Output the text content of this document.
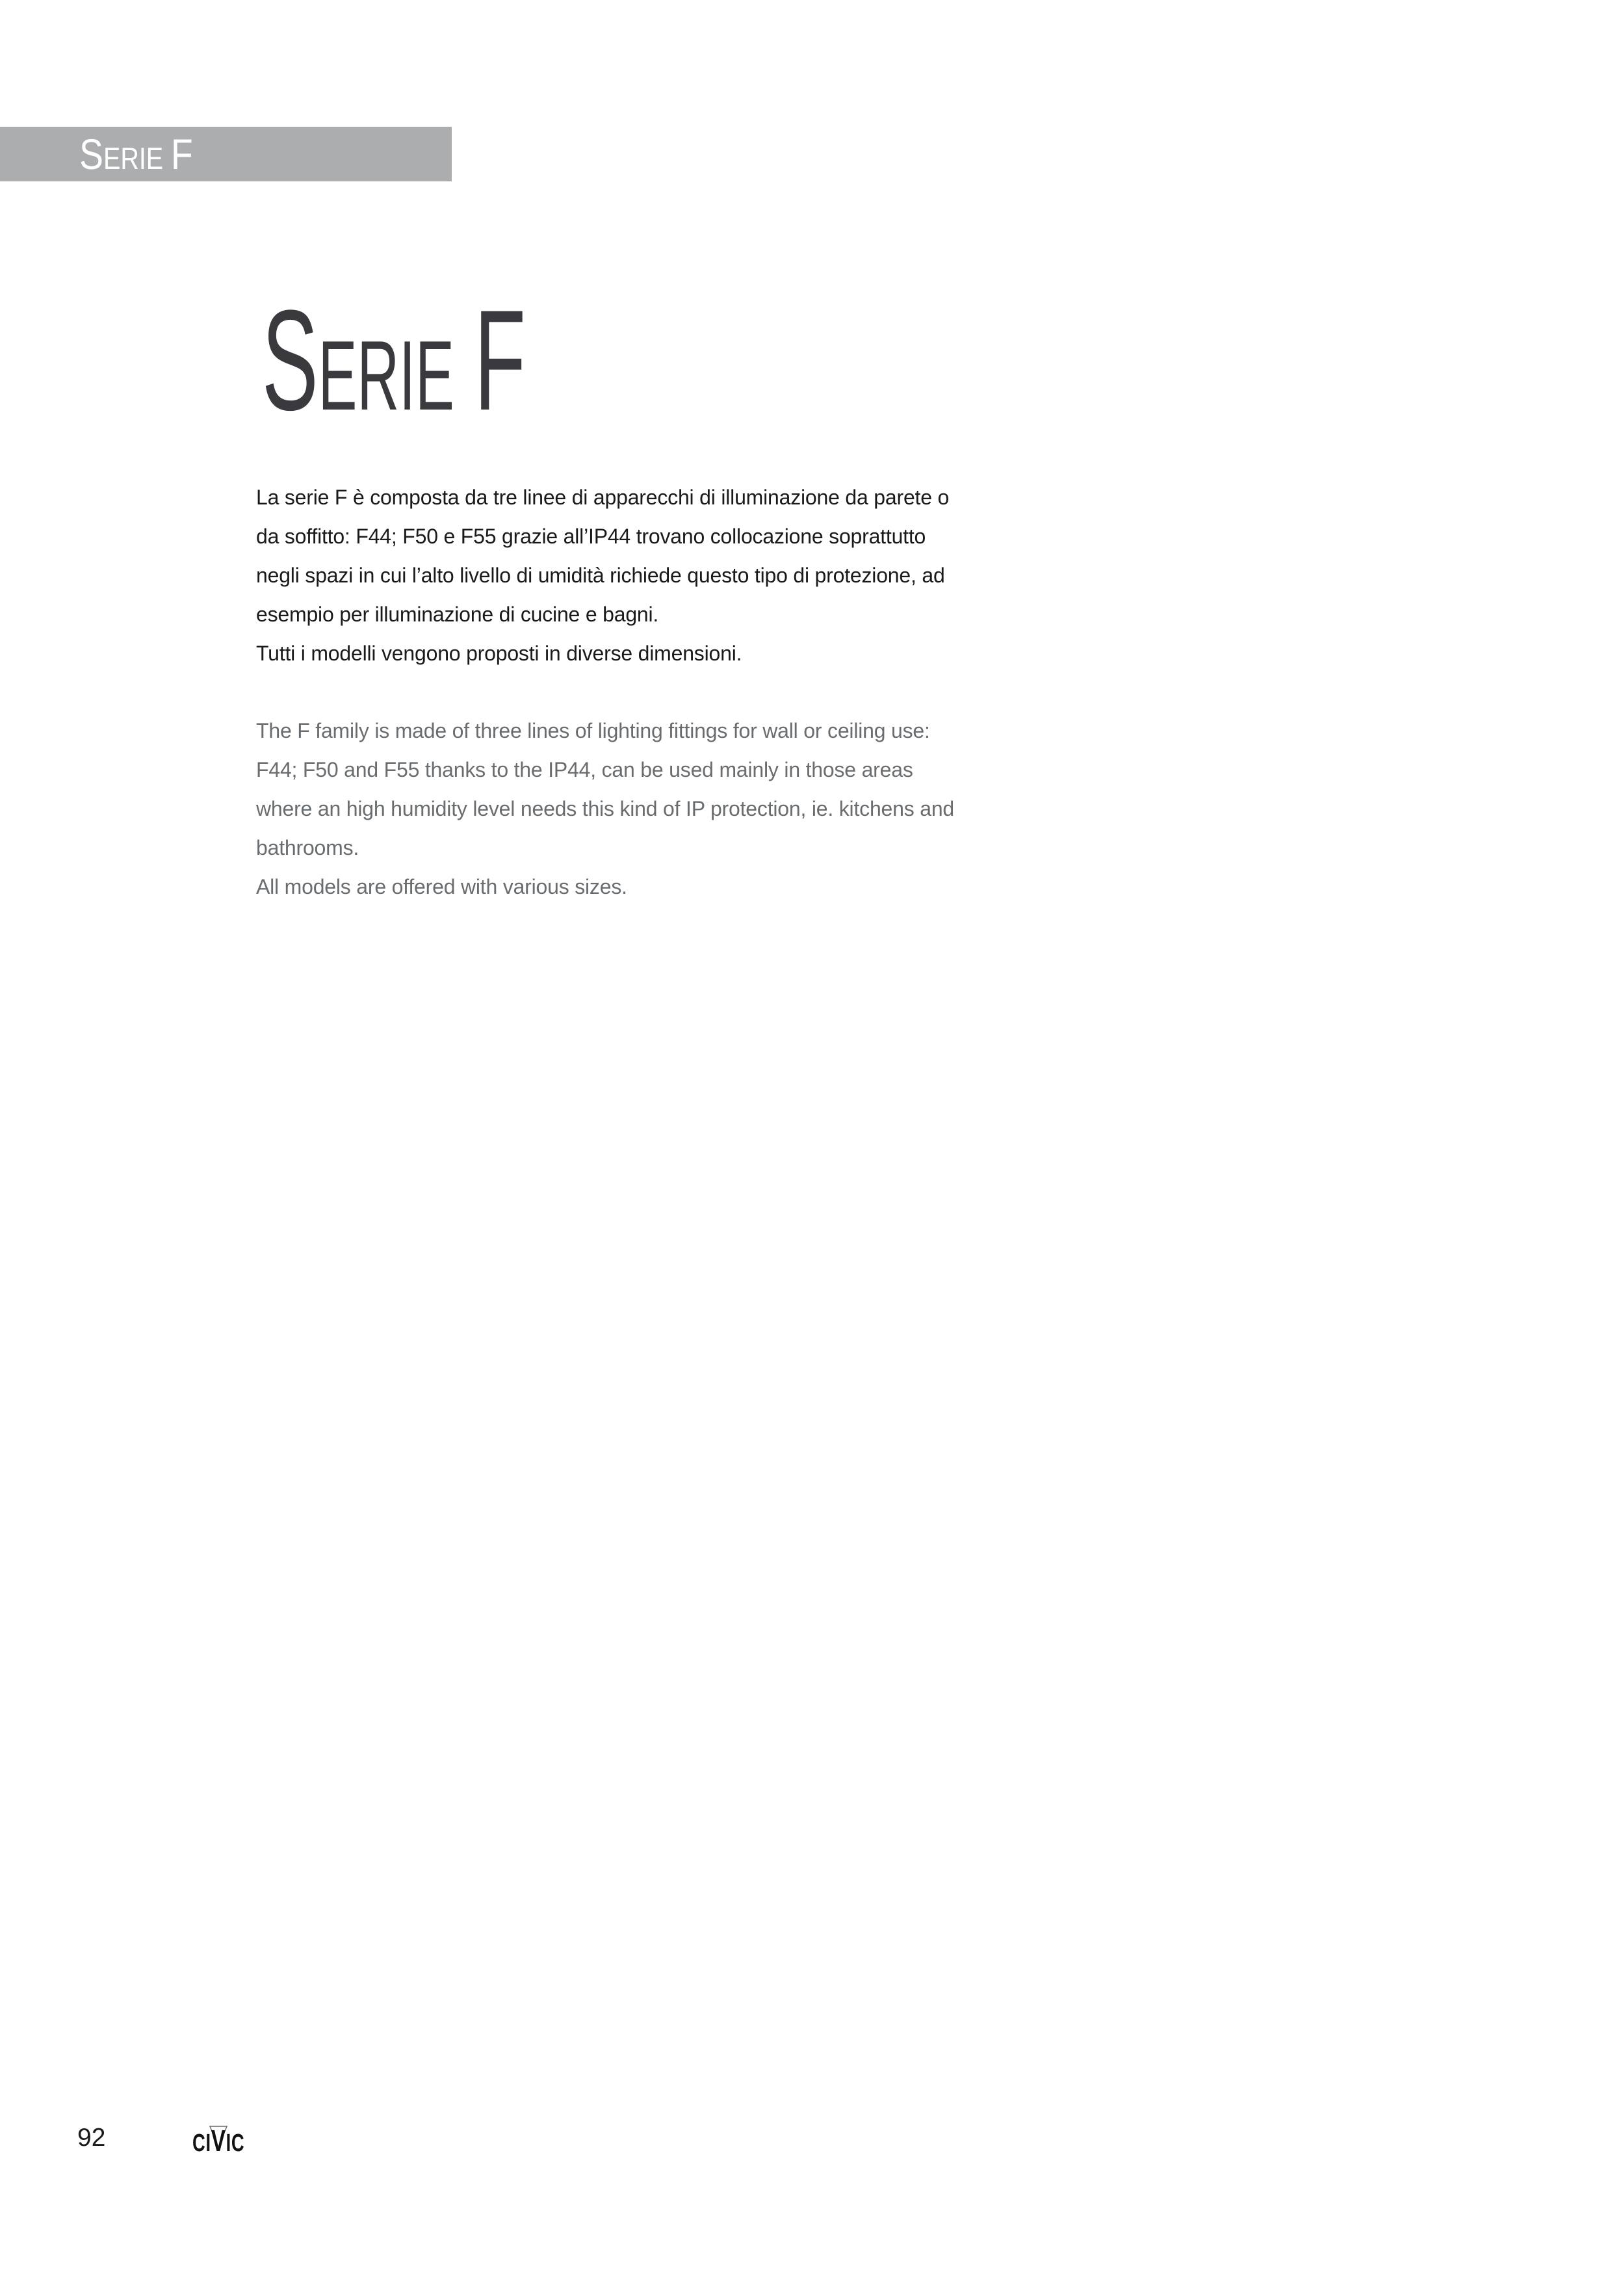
SERIE F
SERIE F
La serie F è composta da tre linee di apparecchi di illuminazione da parete o
da soffitto: F44; F50 e F55 grazie all’IP44 trovano collocazione soprattutto
negli spazi in cui l’alto livello di umidità richiede questo tipo di protezione, ad
esempio per illuminazione di cucine e bagni.
Tutti i modelli vengono proposti in diverse dimensioni.
The F family is made of three lines of lighting fittings for wall or ceiling use:
F44; F50 and F55 thanks to the IP44, can be used mainly in those areas
where an high humidity level needs this kind of IP protection, ie. kitchens and
bathrooms.
All models are offered with various sizes.
92	CIVIC
